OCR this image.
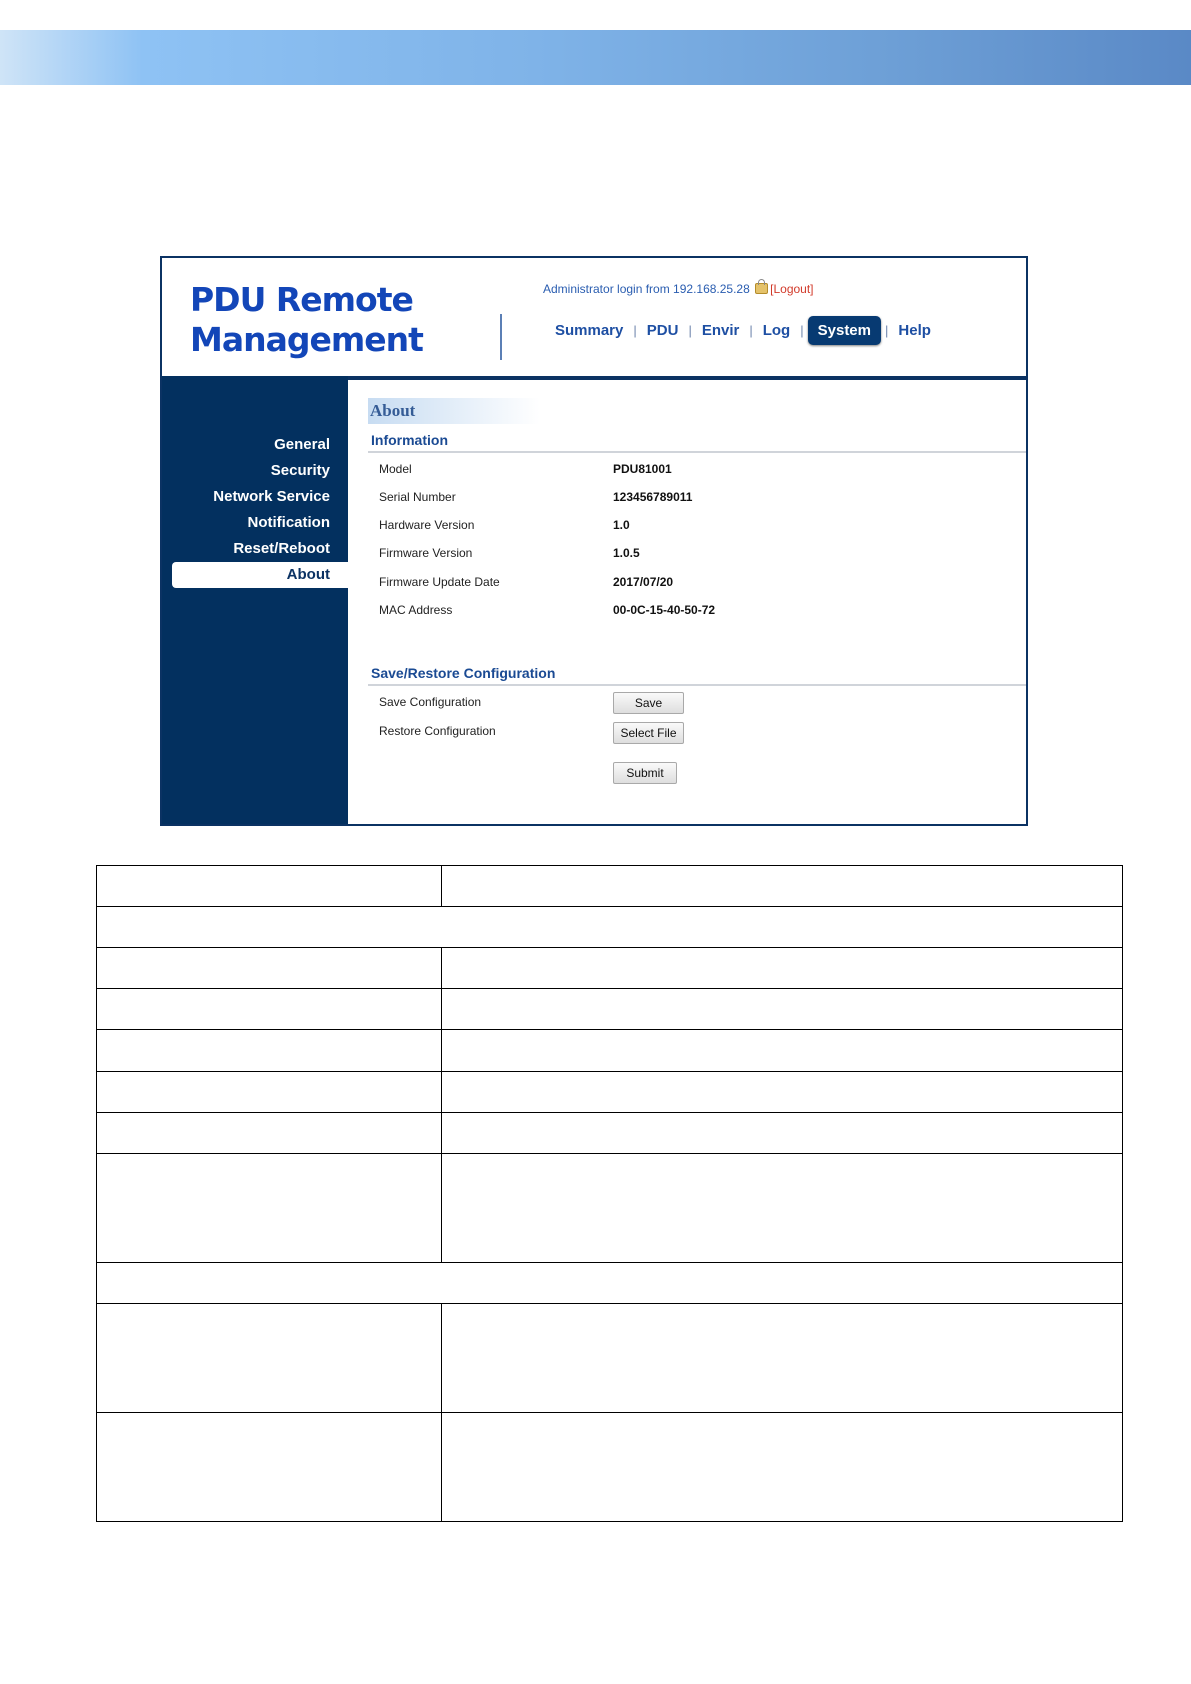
PDU Remote
Management
Administrator login from 192.168.25.28 [Logout]
Summary | PDU | Envir | Log | System	| Help
General
Security
Network Service
Notification
Reset/Reboot
About
About
Information
Model	PDU81001
Serial Number	123456789011
Hardware Version	1.0
Firmware Version	1.0.5
Firmware Update Date	2017/07/20
MAC Address	00-0C-15-40-50-72
Save/Restore Configuration
Save Configuration	Save
Restore Configuration	Select File
Submit
